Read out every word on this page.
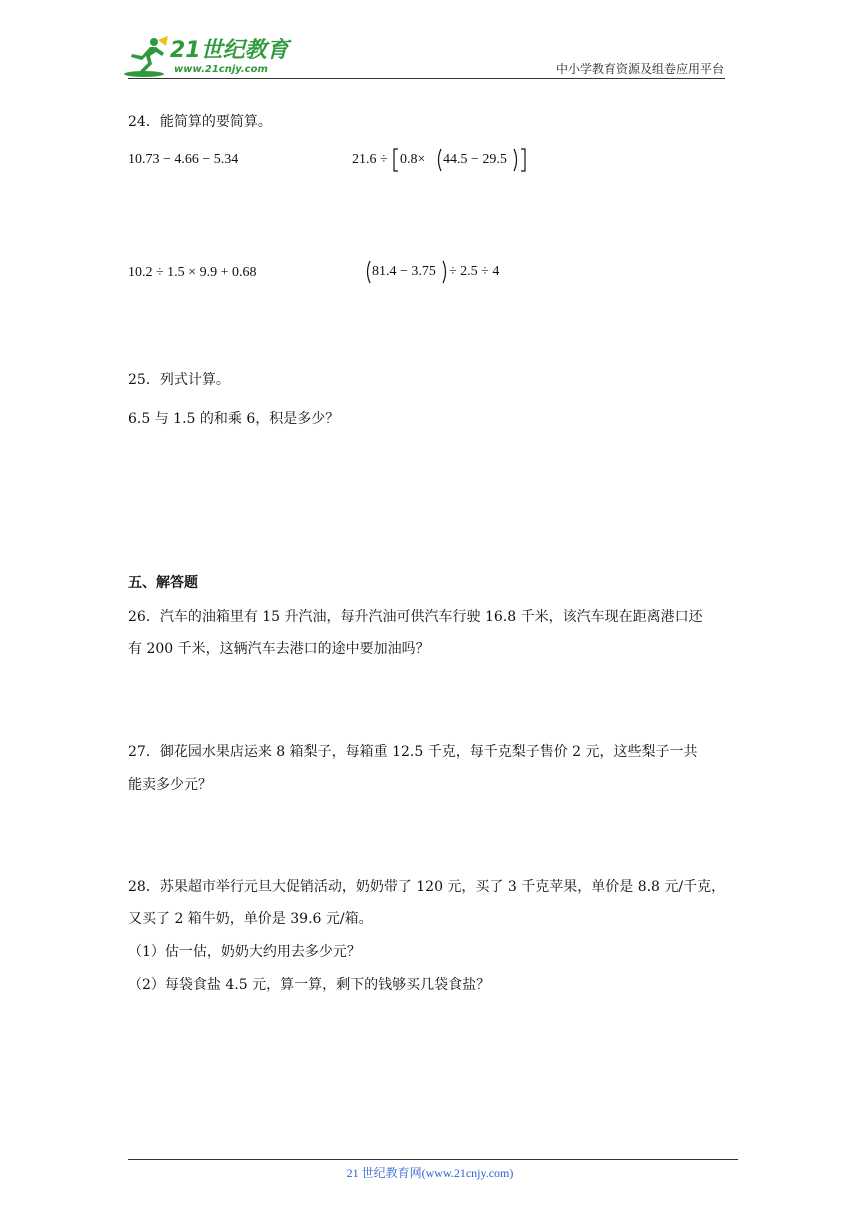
21世纪教育
www.21cnjy.com	中小学教育资源及组卷应用平台
24．能简算的要简算。
10.73 − 4.66 − 5.34	21.6 ÷ 0.8× 44.5 − 29.5
10.2 ÷ 1.5 × 9.9 + 0.68	81.4 − 3.75 ÷ 2.5 ÷ 4
25．列式计算。
6.5 与 1.5 的和乘 6，积是多少？
五、解答题
26．汽车的油箱里有 15 升汽油，每升汽油可供汽车行驶 16.8 千米，该汽车现在距离港口还
有 200 千米，这辆汽车去港口的途中要加油吗？
27．御花园水果店运来 8 箱梨子，每箱重 12.5 千克，每千克梨子售价 2 元，这些梨子一共
能卖多少元？
28．苏果超市举行元旦大促销活动，奶奶带了 120 元，买了 3 千克苹果，单价是 8.8 元/千克，
又买了 2 箱牛奶，单价是 39.6 元/箱。
（1）估一估，奶奶大约用去多少元？
（2）每袋食盐 4.5 元，算一算，剩下的钱够买几袋食盐？
21 世纪教育网(www.21cnjy.com)
